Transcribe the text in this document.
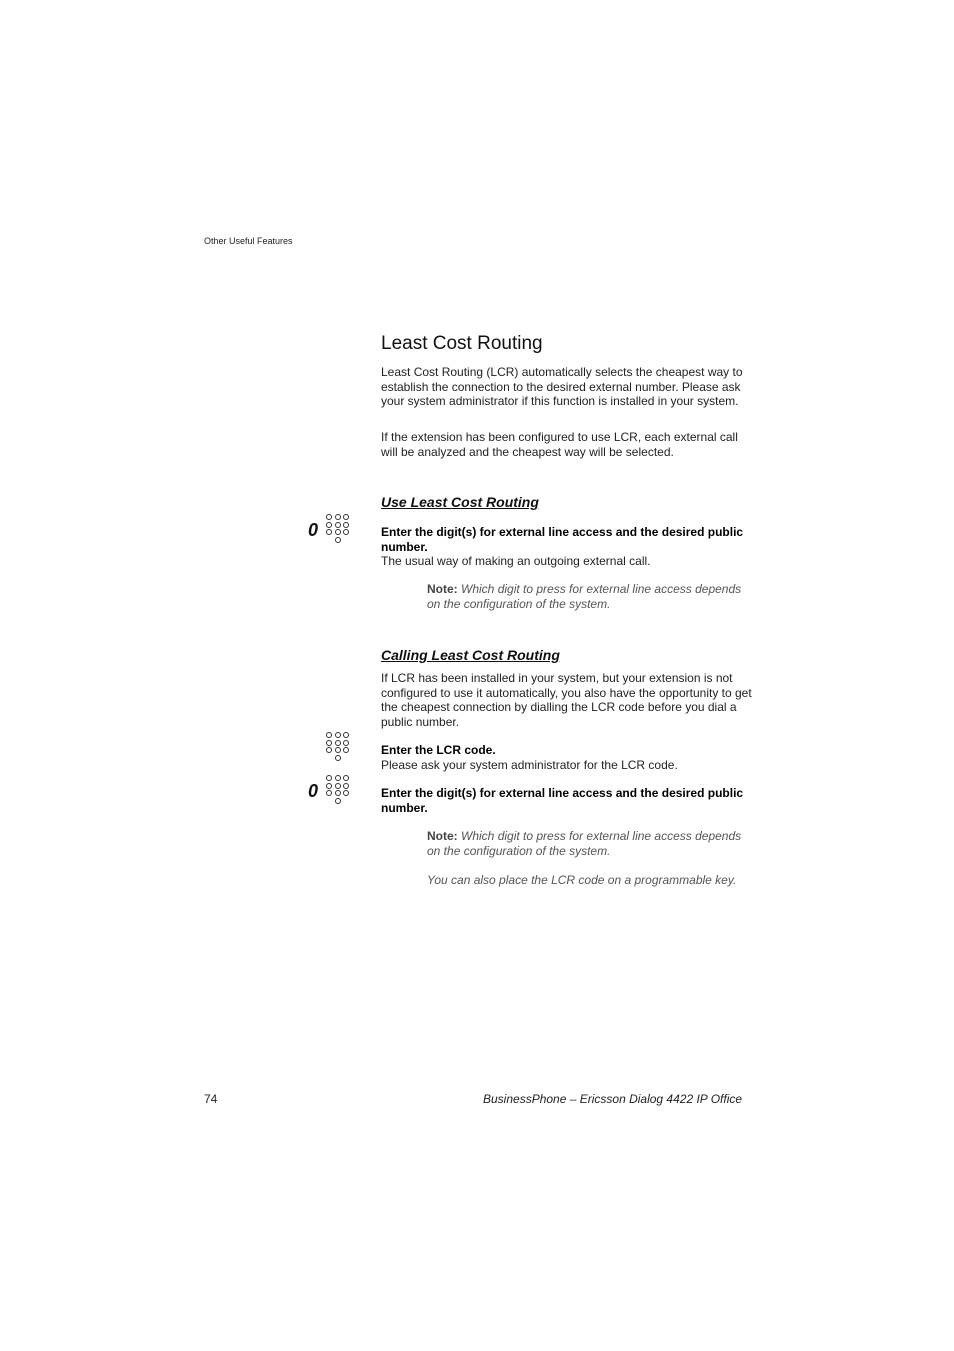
Other Useful Features
Least Cost Routing

Least Cost Routing (LCR) automatically selects the cheapest way to establish the connection to the desired external number. Please ask your system administrator if this function is installed in your system.

If the extension has been configured to use LCR, each external call will be analyzed and the cheapest way will be selected.

Use Least Cost Routing
0	Enter the digit(s) for external line access and the desired public number.
The usual way of making an outgoing external call.
Note: Which digit to press for external line access depends on the configuration of the system.
Calling Least Cost Routing

If LCR has been installed in your system, but your extension is not configured to use it automatically, you also have the opportunity to get the cheapest connection by dialling the LCR code before you dial a public number.

Enter the LCR code.
Please ask your system administrator for the LCR code.
0	Enter the digit(s) for external line access and the desired public number.
Note: Which digit to press for external line access depends on the configuration of the system.
You can also place the LCR code on a programmable key.
74	BusinessPhone – Ericsson Dialog 4422 IP Office
